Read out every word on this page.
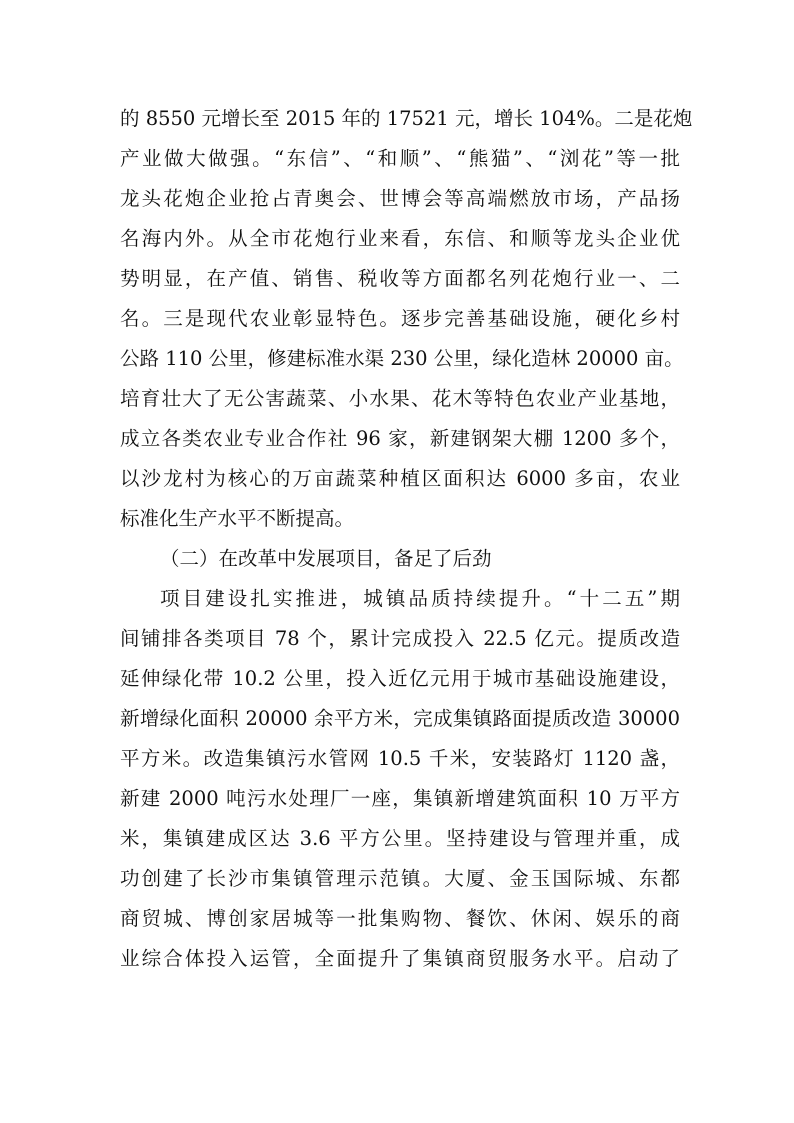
的 8550 元增长至 2015 年的 17521 元，增长 104%。二是花炮
产业做大做强。“东信”、“和顺”、“熊猫”、“浏花”等一批
龙头花炮企业抢占青奥会、世博会等高端燃放市场，产品扬
名海内外。从全市花炮行业来看，东信、和顺等龙头企业优
势明显，在产值、销售、税收等方面都名列花炮行业一、二
名。三是现代农业彰显特色。逐步完善基础设施，硬化乡村
公路 110 公里，修建标准水渠 230 公里，绿化造林 20000 亩。
培育壮大了无公害蔬菜、小水果、花木等特色农业产业基地，
成立各类农业专业合作社 96 家，新建钢架大棚 1200 多个，
以沙龙村为核心的万亩蔬菜种植区面积达 6000 多亩，农业
标准化生产水平不断提高。
（二）在改革中发展项目，备足了后劲
项目建设扎实推进，城镇品质持续提升。“十二五”期
间铺排各类项目 78 个，累计完成投入 22.5 亿元。提质改造
延伸绿化带 10.2 公里，投入近亿元用于城市基础设施建设，
新增绿化面积 20000 余平方米，完成集镇路面提质改造 30000
平方米。改造集镇污水管网 10.5 千米，安装路灯 1120 盏，
新建 2000 吨污水处理厂一座，集镇新增建筑面积 10 万平方
米，集镇建成区达 3.6 平方公里。坚持建设与管理并重，成
功创建了长沙市集镇管理示范镇。大厦、金玉国际城、东都
商贸城、博创家居城等一批集购物、餐饮、休闲、娱乐的商
业综合体投入运管，全面提升了集镇商贸服务水平。启动了
